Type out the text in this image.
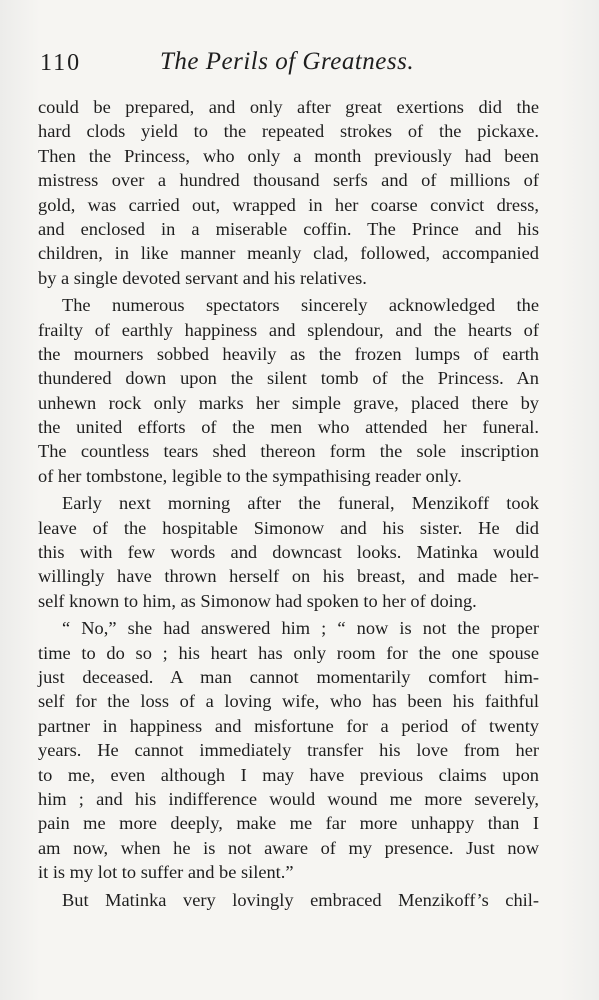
110	The Perils of Greatness.
could be prepared, and only after great exertions did the
hard clods yield to the repeated strokes of the pickaxe.
Then the Princess, who only a month previously had been
mistress over a hundred thousand serfs and of millions of
gold, was carried out, wrapped in her coarse convict dress,
and enclosed in a miserable coffin. The Prince and his
children, in like manner meanly clad, followed, accompanied
by a single devoted servant and his relatives.
The numerous spectators sincerely acknowledged the
frailty of earthly happiness and splendour, and the hearts of
the mourners sobbed heavily as the frozen lumps of earth
thundered down upon the silent tomb of the Princess. An
unhewn rock only marks her simple grave, placed there by
the united efforts of the men who attended her funeral.
The countless tears shed thereon form the sole inscription
of her tombstone, legible to the sympathising reader only.
Early next morning after the funeral, Menzikoff took
leave of the hospitable Simonow and his sister. He did
this with few words and downcast looks. Matinka would
willingly have thrown herself on his breast, and made her-
self known to him, as Simonow had spoken to her of doing.
“ No,” she had answered him ; “ now is not the proper
time to do so ; his heart has only room for the one spouse
just deceased. A man cannot momentarily comfort him-
self for the loss of a loving wife, who has been his faithful
partner in happiness and misfortune for a period of twenty
years. He cannot immediately transfer his love from her
to me, even although I may have previous claims upon
him ; and his indifference would wound me more severely,
pain me more deeply, make me far more unhappy than I
am now, when he is not aware of my presence. Just now
it is my lot to suffer and be silent.”
But Matinka very lovingly embraced Menzikoff’s chil-
